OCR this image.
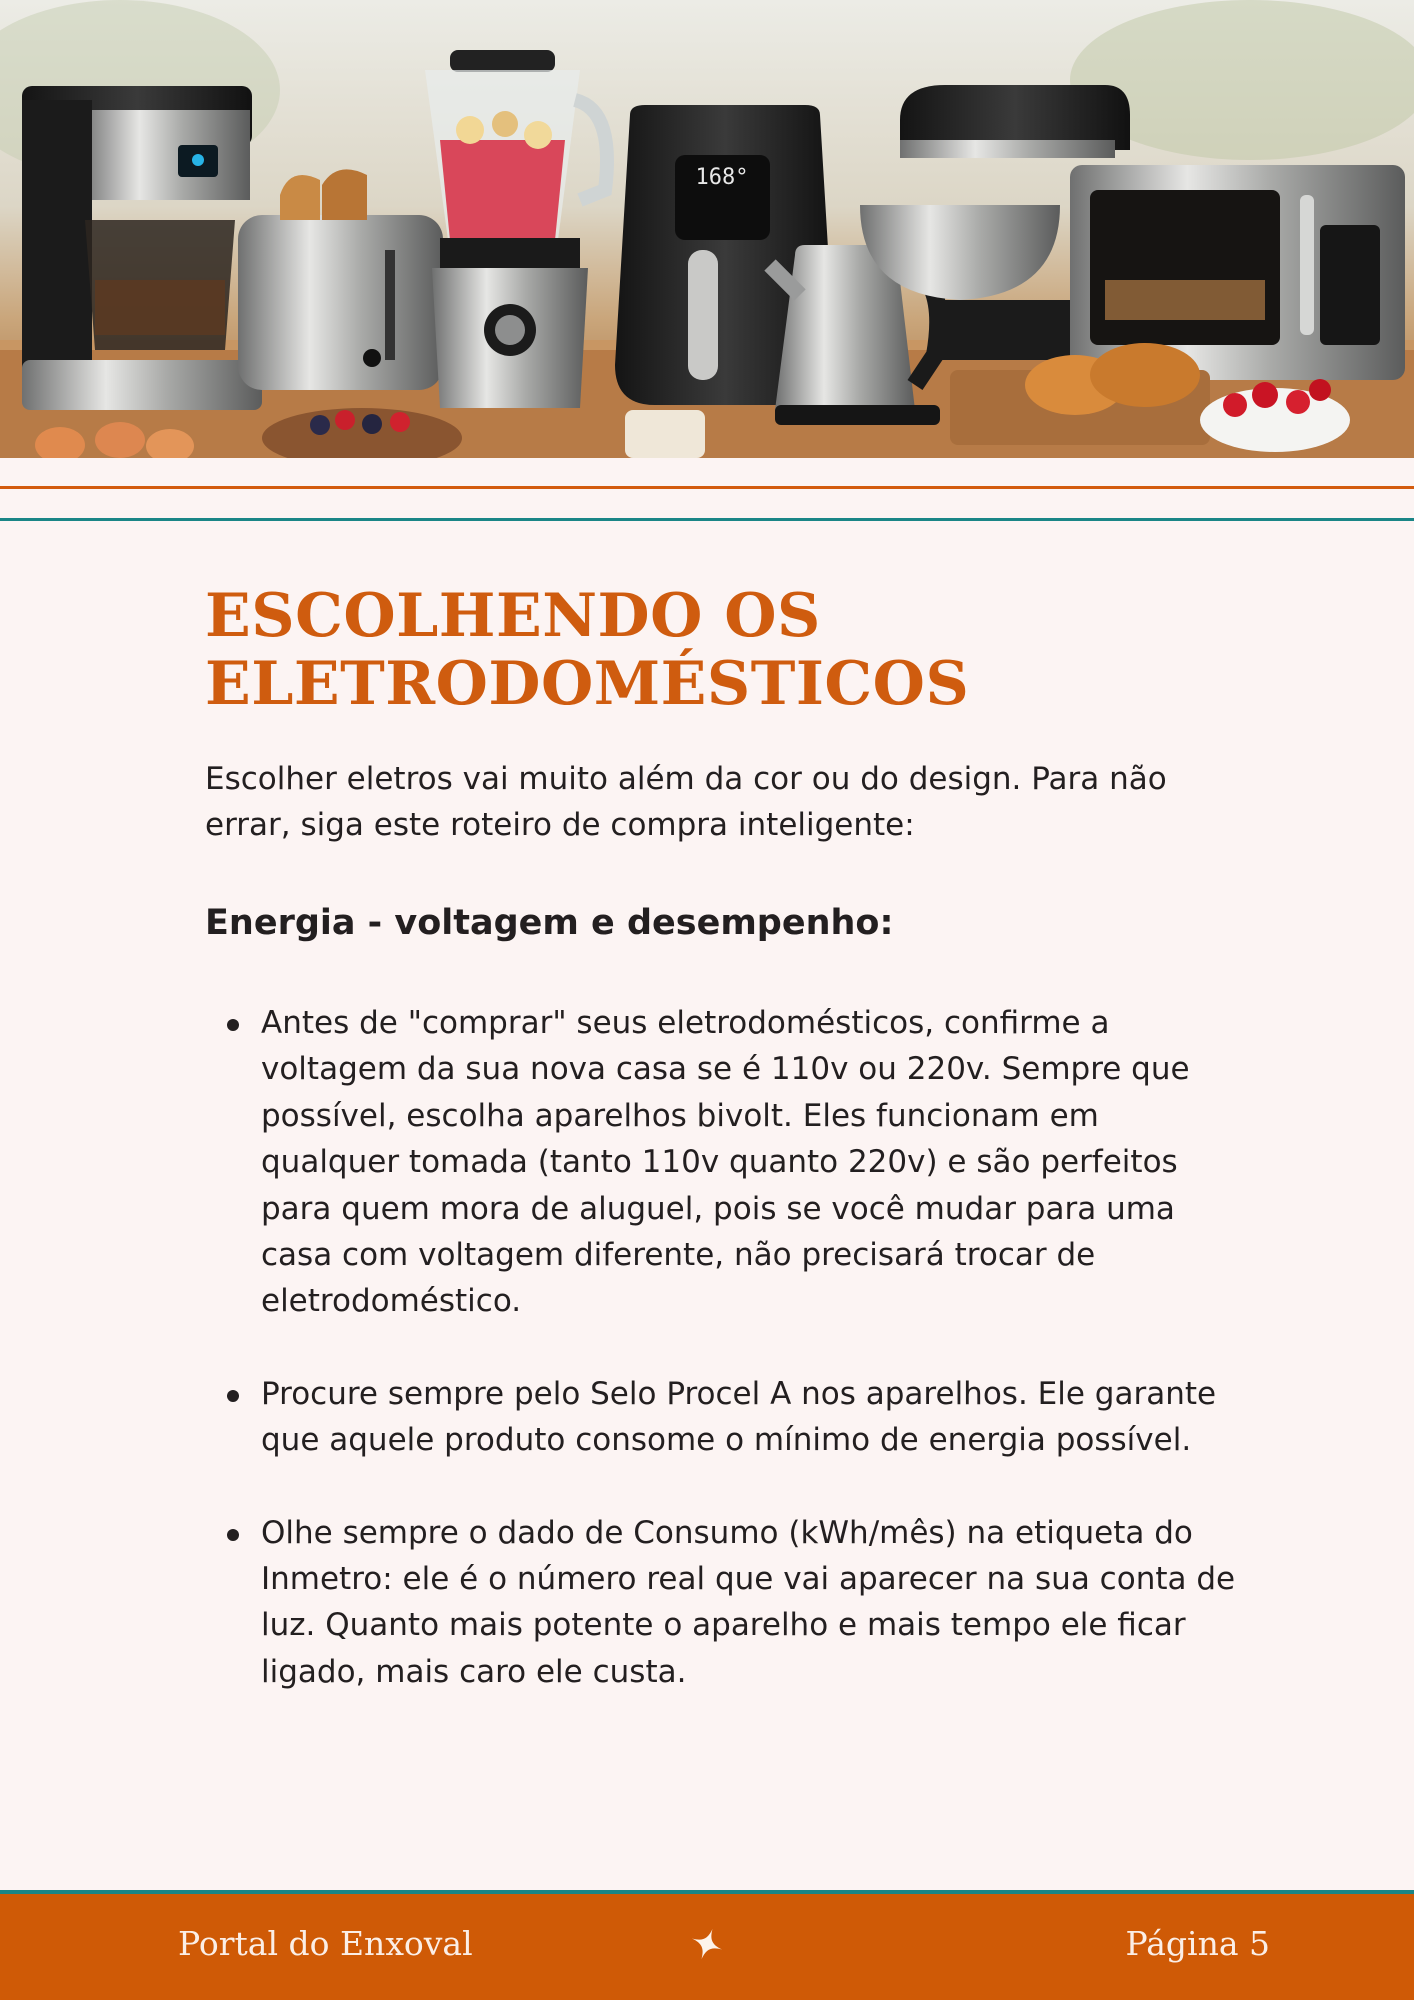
168°
ESCOLHENDO OS
ELETRODOMÉSTICOS

Escolher eletros vai muito além da cor ou do design. Para não errar, siga este roteiro de compra inteligente:

Energia - voltagem e desempenho:
Antes de "comprar" seus eletrodomésticos, confirme a voltagem da sua nova casa se é 110v ou 220v. Sempre que possível, escolha aparelhos bivolt. Eles funcionam em qualquer tomada (tanto 110v quanto 220v) e são perfeitos para quem mora de aluguel, pois se você mudar para uma casa com voltagem diferente, não precisará trocar de eletrodoméstico.
Procure sempre pelo Selo Procel A nos aparelhos. Ele garante que aquele produto consome o mínimo de energia possível.
Olhe sempre o dado de Consumo (kWh/mês) na etiqueta do Inmetro: ele é o número real que vai aparecer na sua conta de luz. Quanto mais potente o aparelho e mais tempo ele ficar ligado, mais caro ele custa.
Portal do Enxoval	Página 5
